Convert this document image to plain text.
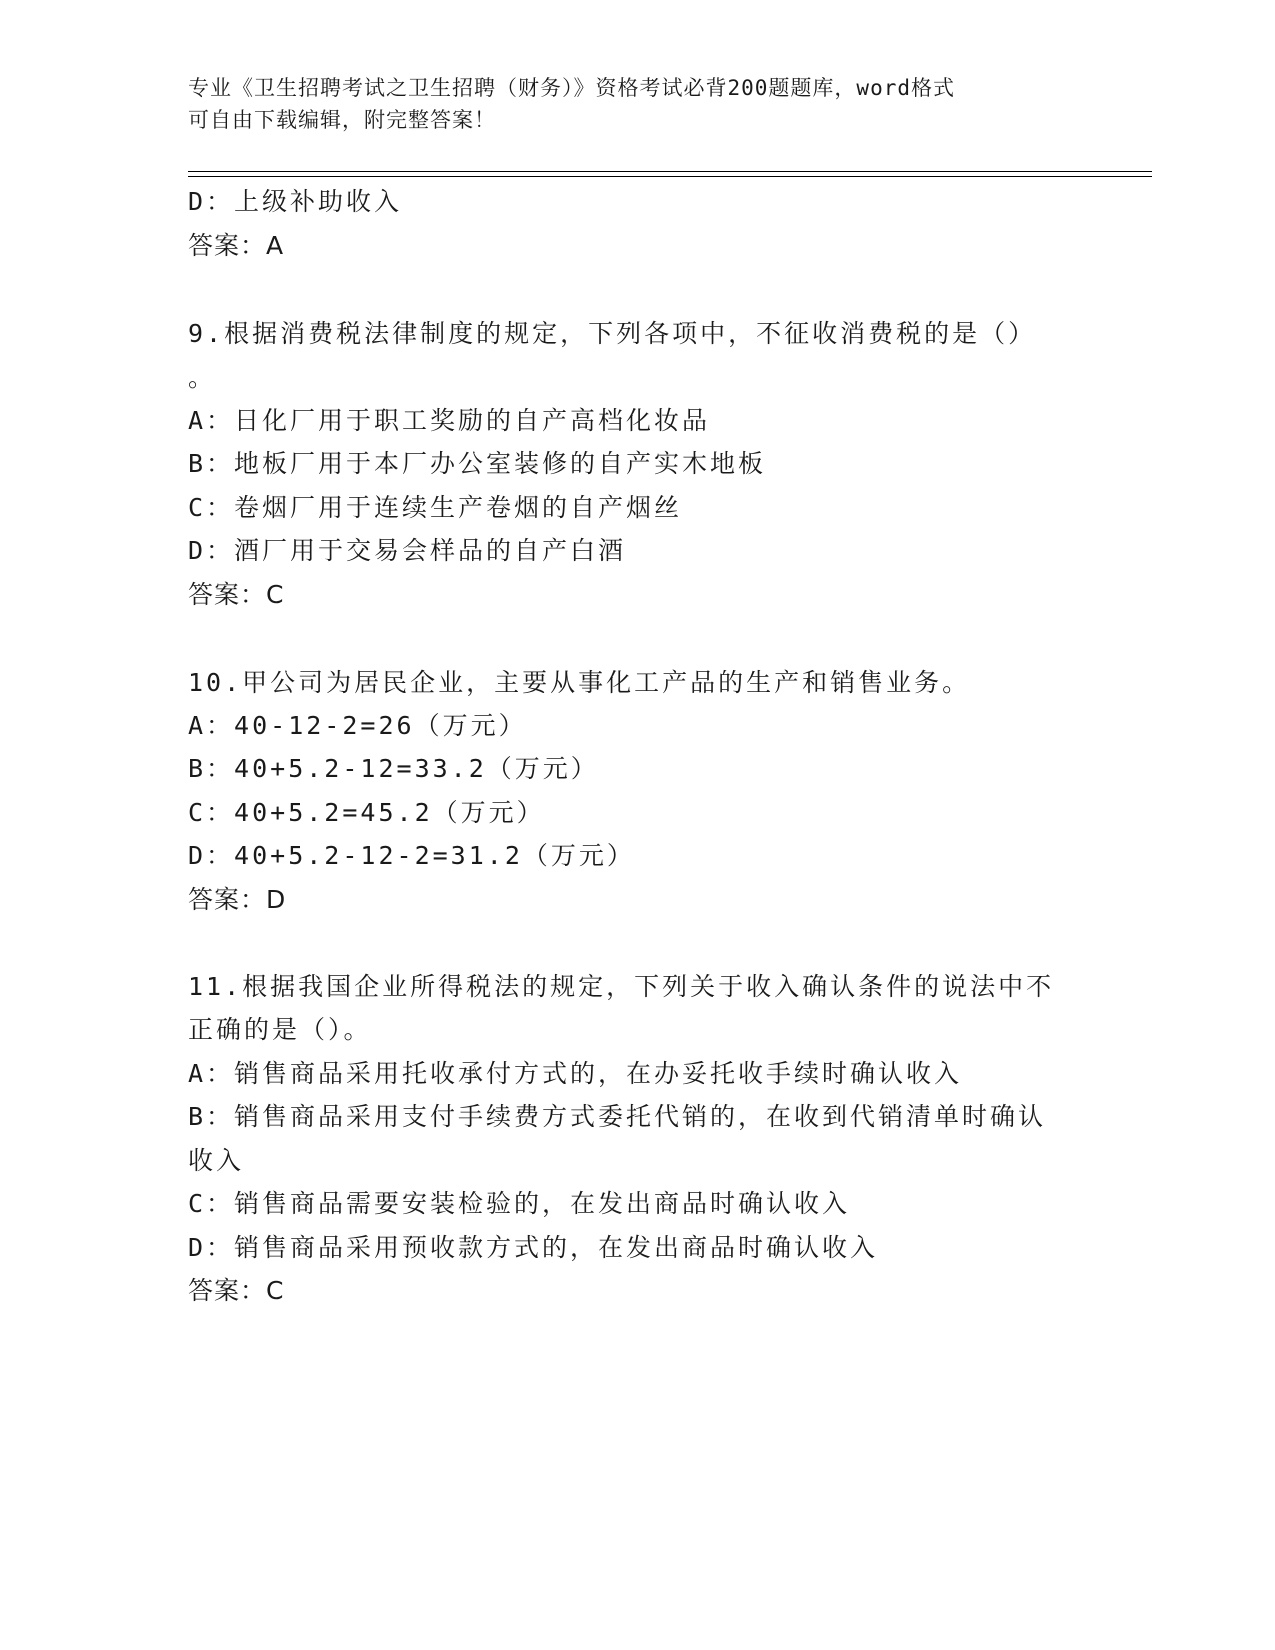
专业《卫生招聘考试之卫生招聘（财务）》资格考试必背200题题库，word格式
可自由下载编辑，附完整答案！
D：上级补助收入
答案：A
9.根据消费税法律制度的规定，下列各项中，不征收消费税的是（）
。
A：日化厂用于职工奖励的自产高档化妆品
B：地板厂用于本厂办公室装修的自产实木地板
C：卷烟厂用于连续生产卷烟的自产烟丝
D：酒厂用于交易会样品的自产白酒
答案：C
10.甲公司为居民企业，主要从事化工产品的生产和销售业务。
A：40-12-2=26（万元）
B：40+5.2-12=33.2（万元）
C：40+5.2=45.2（万元）
D：40+5.2-12-2=31.2（万元）
答案：D
11.根据我国企业所得税法的规定，下列关于收入确认条件的说法中不
正确的是（）。
A：销售商品采用托收承付方式的，在办妥托收手续时确认收入
B：销售商品采用支付手续费方式委托代销的，在收到代销清单时确认
收入
C：销售商品需要安装检验的，在发出商品时确认收入
D：销售商品采用预收款方式的，在发出商品时确认收入
答案：C
